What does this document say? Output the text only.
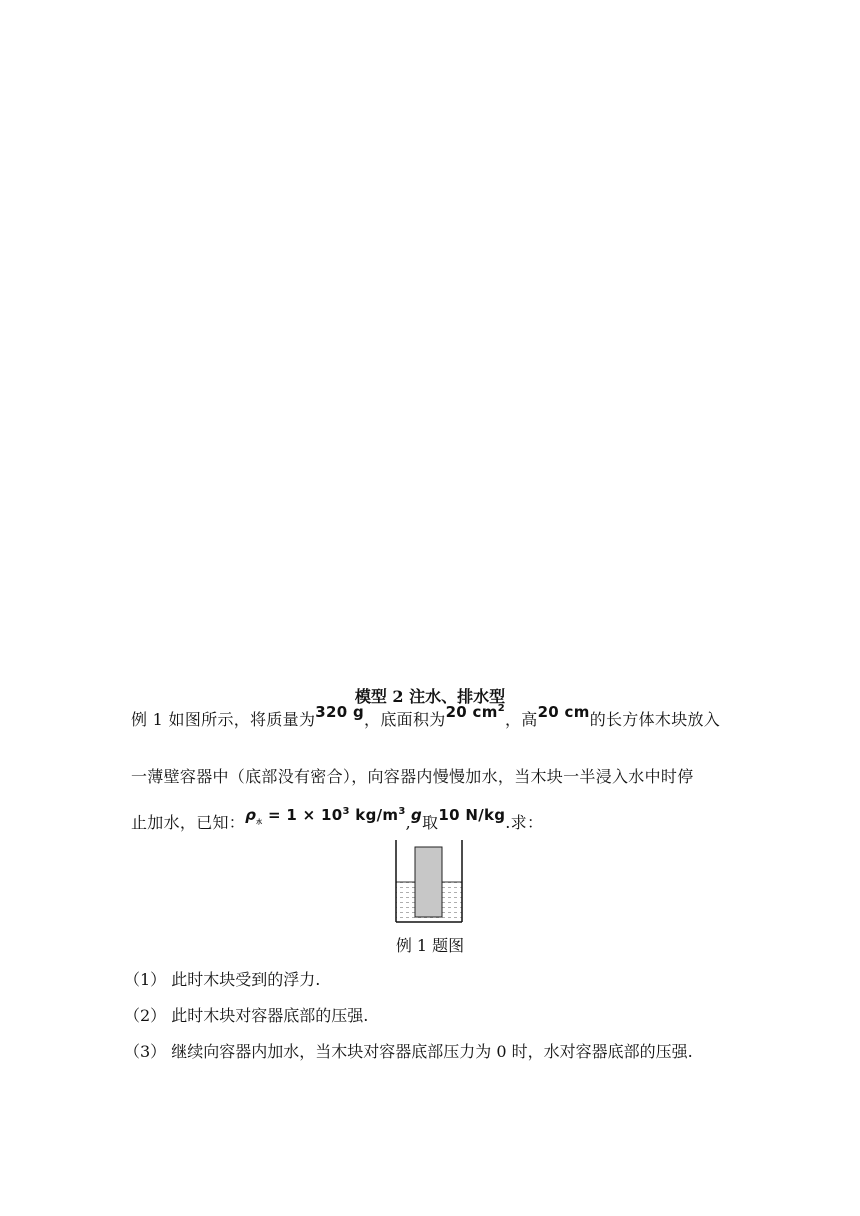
模型 2 注水、排水型
例 1 如图所示，将质量为320 g，底面积为20 $cm^2$，高20 cm的长方体木块放入
一薄壁容器中（底部没有密合），向容器内慢慢加水，当木块一半浸入水中时停
止加水，已知：$\rho_水 = 1 \times 10^3$ $kg/m^3,g$取10 N/kg.求：
例 1 题图
（1） 此时木块受到的浮力.
（2） 此时木块对容器底部的压强.
（3） 继续向容器内加水，当木块对容器底部压力为 0 时，水对容器底部的压强.
